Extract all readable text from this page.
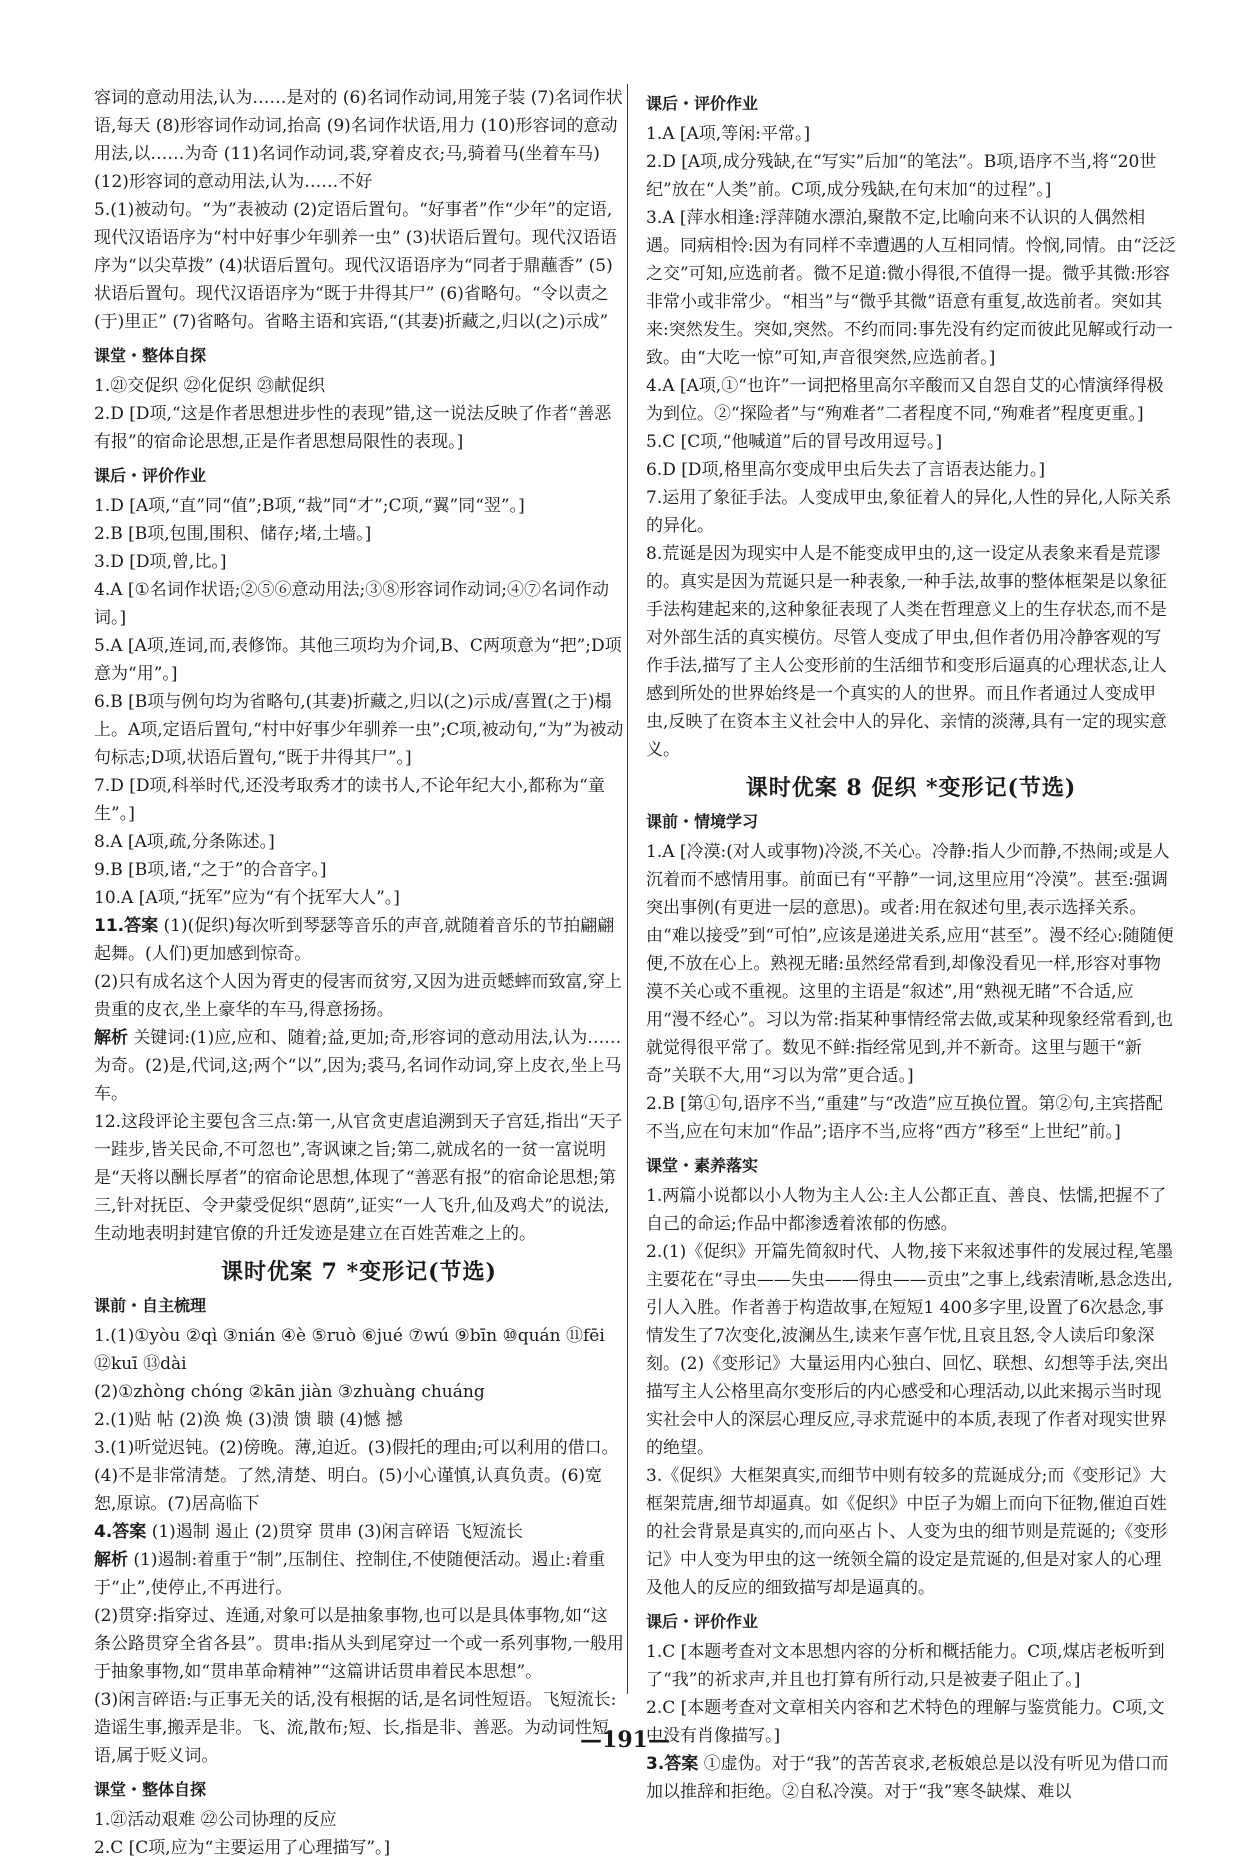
容词的意动用法,认为……是对的 (6)名词作动词,用笼子装 (7)名词作状语,每天 (8)形容词作动词,抬高 (9)名词作状语,用力 (10)形容词的意动用法,以……为奇 (11)名词作动词,裘,穿着皮衣;马,骑着马(坐着车马) (12)形容词的意动用法,认为……不好

5.(1)被动句。“为”表被动 (2)定语后置句。“好事者”作“少年”的定语,现代汉语语序为“村中好事少年驯养一虫” (3)状语后置句。现代汉语语序为“以尖草拨” (4)状语后置句。现代汉语语序为“同者于鼎蘸香” (5)状语后置句。现代汉语语序为“既于井得其尸” (6)省略句。“令以责之(于)里正” (7)省略句。省略主语和宾语,“(其妻)折藏之,归以(之)示成”

课堂・整体自探

1.㉑交促织 ㉒化促织 ㉓献促织

2.D [D项,“这是作者思想进步性的表现”错,这一说法反映了作者“善恶有报”的宿命论思想,正是作者思想局限性的表现。]

课后・评价作业

1.D [A项,“直”同“值”;B项,“裁”同“才”;C项,“翼”同“翌”。]

2.B [B项,包围,围积、储存;堵,土墙。]

3.D [D项,曾,比。]

4.A [①名词作状语;②⑤⑥意动用法;③⑧形容词作动词;④⑦名词作动词。]

5.A [A项,连词,而,表修饰。其他三项均为介词,B、C两项意为“把”;D项意为“用”。]

6.B [B项与例句均为省略句,(其妻)折藏之,归以(之)示成/喜置(之于)榻上。A项,定语后置句,“村中好事少年驯养一虫”;C项,被动句,“为”为被动句标志;D项,状语后置句,“既于井得其尸”。]

7.D [D项,科举时代,还没考取秀才的读书人,不论年纪大小,都称为“童生”。]

8.A [A项,疏,分条陈述。]

9.B [B项,诸,“之于”的合音字。]

10.A [A项,“抚军”应为“有个抚军大人”。]

11.答案 (1)(促织)每次听到琴瑟等音乐的声音,就随着音乐的节拍翩翩起舞。(人们)更加感到惊奇。

(2)只有成名这个人因为胥吏的侵害而贫穷,又因为进贡蟋蟀而致富,穿上贵重的皮衣,坐上豪华的车马,得意扬扬。

解析 关键词:(1)应,应和、随着;益,更加;奇,形容词的意动用法,认为……为奇。(2)是,代词,这;两个“以”,因为;裘马,名词作动词,穿上皮衣,坐上马车。

12.这段评论主要包含三点:第一,从官贪吏虐追溯到天子宫廷,指出“天子一跬步,皆关民命,不可忽也”,寄讽谏之旨;第二,就成名的一贫一富说明是“天将以酬长厚者”的宿命论思想,体现了“善恶有报”的宿命论思想;第三,针对抚臣、令尹蒙受促织“恩荫”,证实“一人飞升,仙及鸡犬”的说法,生动地表明封建官僚的升迁发迹是建立在百姓苦难之上的。

课时优案 7 *变形记(节选)
课前・自主梳理

1.(1)①yòu ②qì ③nián ④è ⑤ruò ⑥jué ⑦wú ⑨bīn ⑩quán ⑪fēi ⑫kuī ⑬dài

(2)①zhòng chóng ②kān jiàn ③zhuàng chuáng

2.(1)贴 帖 (2)涣 焕 (3)溃 馈 聩 (4)憾 撼

3.(1)听觉迟钝。(2)傍晚。薄,迫近。(3)假托的理由;可以利用的借口。(4)不是非常清楚。了然,清楚、明白。(5)小心谨慎,认真负责。(6)宽恕,原谅。(7)居高临下

4.答案 (1)遏制 遏止 (2)贯穿 贯串 (3)闲言碎语 飞短流长

解析 (1)遏制:着重于“制”,压制住、控制住,不使随便活动。遏止:着重于“止”,使停止,不再进行。

(2)贯穿:指穿过、连通,对象可以是抽象事物,也可以是具体事物,如“这条公路贯穿全省各县”。贯串:指从头到尾穿过一个或一系列事物,一般用于抽象事物,如“贯串革命精神”“这篇讲话贯串着民本思想”。

(3)闲言碎语:与正事无关的话,没有根据的话,是名词性短语。飞短流长:造谣生事,搬弄是非。飞、流,散布;短、长,指是非、善恶。为动词性短语,属于贬义词。

课堂・整体自探

1.㉑活动艰难 ㉒公司协理的反应

2.C [C项,应为“主要运用了心理描写”。]

课后・评价作业

1.A [A项,等闲:平常。]

2.D [A项,成分残缺,在“写实”后加“的笔法”。B项,语序不当,将“20世纪”放在“人类”前。C项,成分残缺,在句末加“的过程”。]

3.A [萍水相逢:浮萍随水漂泊,聚散不定,比喻向来不认识的人偶然相遇。同病相怜:因为有同样不幸遭遇的人互相同情。怜悯,同情。由“泛泛之交”可知,应选前者。微不足道:微小得很,不值得一提。微乎其微:形容非常小或非常少。“相当”与“微乎其微”语意有重复,故选前者。突如其来:突然发生。突如,突然。不约而同:事先没有约定而彼此见解或行动一致。由“大吃一惊”可知,声音很突然,应选前者。]

4.A [A项,①“也许”一词把格里高尔辛酸而又自怨自艾的心情演绎得极为到位。②“探险者”与“殉难者”二者程度不同,“殉难者”程度更重。]

5.C [C项,“他喊道”后的冒号改用逗号。]

6.D [D项,格里高尔变成甲虫后失去了言语表达能力。]

7.运用了象征手法。人变成甲虫,象征着人的异化,人性的异化,人际关系的异化。

8.荒诞是因为现实中人是不能变成甲虫的,这一设定从表象来看是荒谬的。真实是因为荒诞只是一种表象,一种手法,故事的整体框架是以象征手法构建起来的,这种象征表现了人类在哲理意义上的生存状态,而不是对外部生活的真实模仿。尽管人变成了甲虫,但作者仍用冷静客观的写作手法,描写了主人公变形前的生活细节和变形后逼真的心理状态,让人感到所处的世界始终是一个真实的人的世界。而且作者通过人变成甲虫,反映了在资本主义社会中人的异化、亲情的淡薄,具有一定的现实意义。

课时优案 8 促织 *变形记(节选)
课前・情境学习

1.A [冷漠:(对人或事物)冷淡,不关心。冷静:指人少而静,不热闹;或是人沉着而不感情用事。前面已有“平静”一词,这里应用“冷漠”。甚至:强调突出事例(有更进一层的意思)。或者:用在叙述句里,表示选择关系。由“难以接受”到“可怕”,应该是递进关系,应用“甚至”。漫不经心:随随便便,不放在心上。熟视无睹:虽然经常看到,却像没看见一样,形容对事物漠不关心或不重视。这里的主语是“叙述”,用“熟视无睹”不合适,应用“漫不经心”。习以为常:指某种事情经常去做,或某种现象经常看到,也就觉得很平常了。数见不鲜:指经常见到,并不新奇。这里与题干“新奇”关联不大,用“习以为常”更合适。]

2.B [第①句,语序不当,“重建”与“改造”应互换位置。第②句,主宾搭配不当,应在句末加“作品”;语序不当,应将“西方”移至“上世纪”前。]

课堂・素养落实

1.两篇小说都以小人物为主人公:主人公都正直、善良、怯懦,把握不了自己的命运;作品中都渗透着浓郁的伤感。

2.(1)《促织》开篇先简叙时代、人物,接下来叙述事件的发展过程,笔墨主要花在“寻虫——失虫——得虫——贡虫”之事上,线索清晰,悬念迭出,引人入胜。作者善于构造故事,在短短1 400多字里,设置了6次悬念,事情发生了7次变化,波澜丛生,读来乍喜乍忧,且哀且怒,令人读后印象深刻。(2)《变形记》大量运用内心独白、回忆、联想、幻想等手法,突出描写主人公格里高尔变形后的内心感受和心理活动,以此来揭示当时现实社会中人的深层心理反应,寻求荒诞中的本质,表现了作者对现实世界的绝望。

3.《促织》大框架真实,而细节中则有较多的荒诞成分;而《变形记》大框架荒唐,细节却逼真。如《促织》中臣子为媚上而向下征物,催迫百姓的社会背景是真实的,而向巫占卜、人变为虫的细节则是荒诞的;《变形记》中人变为甲虫的这一统领全篇的设定是荒诞的,但是对家人的心理及他人的反应的细致描写却是逼真的。

课后・评价作业

1.C [本题考查对文本思想内容的分析和概括能力。C项,煤店老板听到了“我”的祈求声,并且也打算有所行动,只是被妻子阻止了。]

2.C [本题考查对文章相关内容和艺术特色的理解与鉴赏能力。C项,文中没有肖像描写。]

3.答案 ①虚伪。对于“我”的苦苦哀求,老板娘总是以没有听见为借口而加以推辞和拒绝。②自私冷漠。对于“我”寒冬缺煤、难以

—191—
